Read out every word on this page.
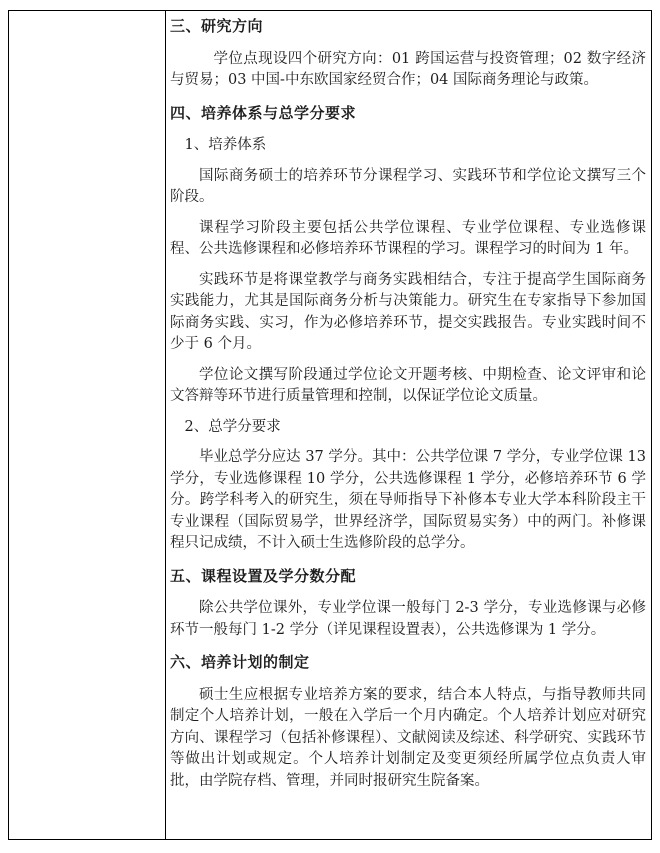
三、研究方向
学位点现设四个研究方向：01 跨国运营与投资管理；02 数字经济与贸易；03 中国-中东欧国家经贸合作；04 国际商务理论与政策。
四、培养体系与总学分要求
1、培养体系
国际商务硕士的培养环节分课程学习、实践环节和学位论文撰写三个阶段。
课程学习阶段主要包括公共学位课程、专业学位课程、专业选修课程、公共选修课程和必修培养环节课程的学习。课程学习的时间为 1 年。
实践环节是将课堂教学与商务实践相结合，专注于提高学生国际商务实践能力，尤其是国际商务分析与决策能力。研究生在专家指导下参加国际商务实践、实习，作为必修培养环节，提交实践报告。专业实践时间不少于 6 个月。
学位论文撰写阶段通过学位论文开题考核、中期检查、论文评审和论文答辩等环节进行质量管理和控制，以保证学位论文质量。
2、总学分要求
毕业总学分应达 37 学分。其中：公共学位课 7 学分，专业学位课 13 学分，专业选修课程 10 学分，公共选修课程 1 学分，必修培养环节 6 学分。跨学科考入的研究生，须在导师指导下补修本专业大学本科阶段主干专业课程（国际贸易学，世界经济学，国际贸易实务）中的两门。补修课程只记成绩，不计入硕士生选修阶段的总学分。
五、课程设置及学分数分配
除公共学位课外，专业学位课一般每门 2-3 学分，专业选修课与必修环节一般每门 1-2 学分（详见课程设置表），公共选修课为 1 学分。
六、培养计划的制定
硕士生应根据专业培养方案的要求，结合本人特点，与指导教师共同制定个人培养计划，一般在入学后一个月内确定。个人培养计划应对研究方向、课程学习（包括补修课程）、文献阅读及综述、科学研究、实践环节等做出计划或规定。个人培养计划制定及变更须经所属学位点负责人审批，由学院存档、管理，并同时报研究生院备案。
